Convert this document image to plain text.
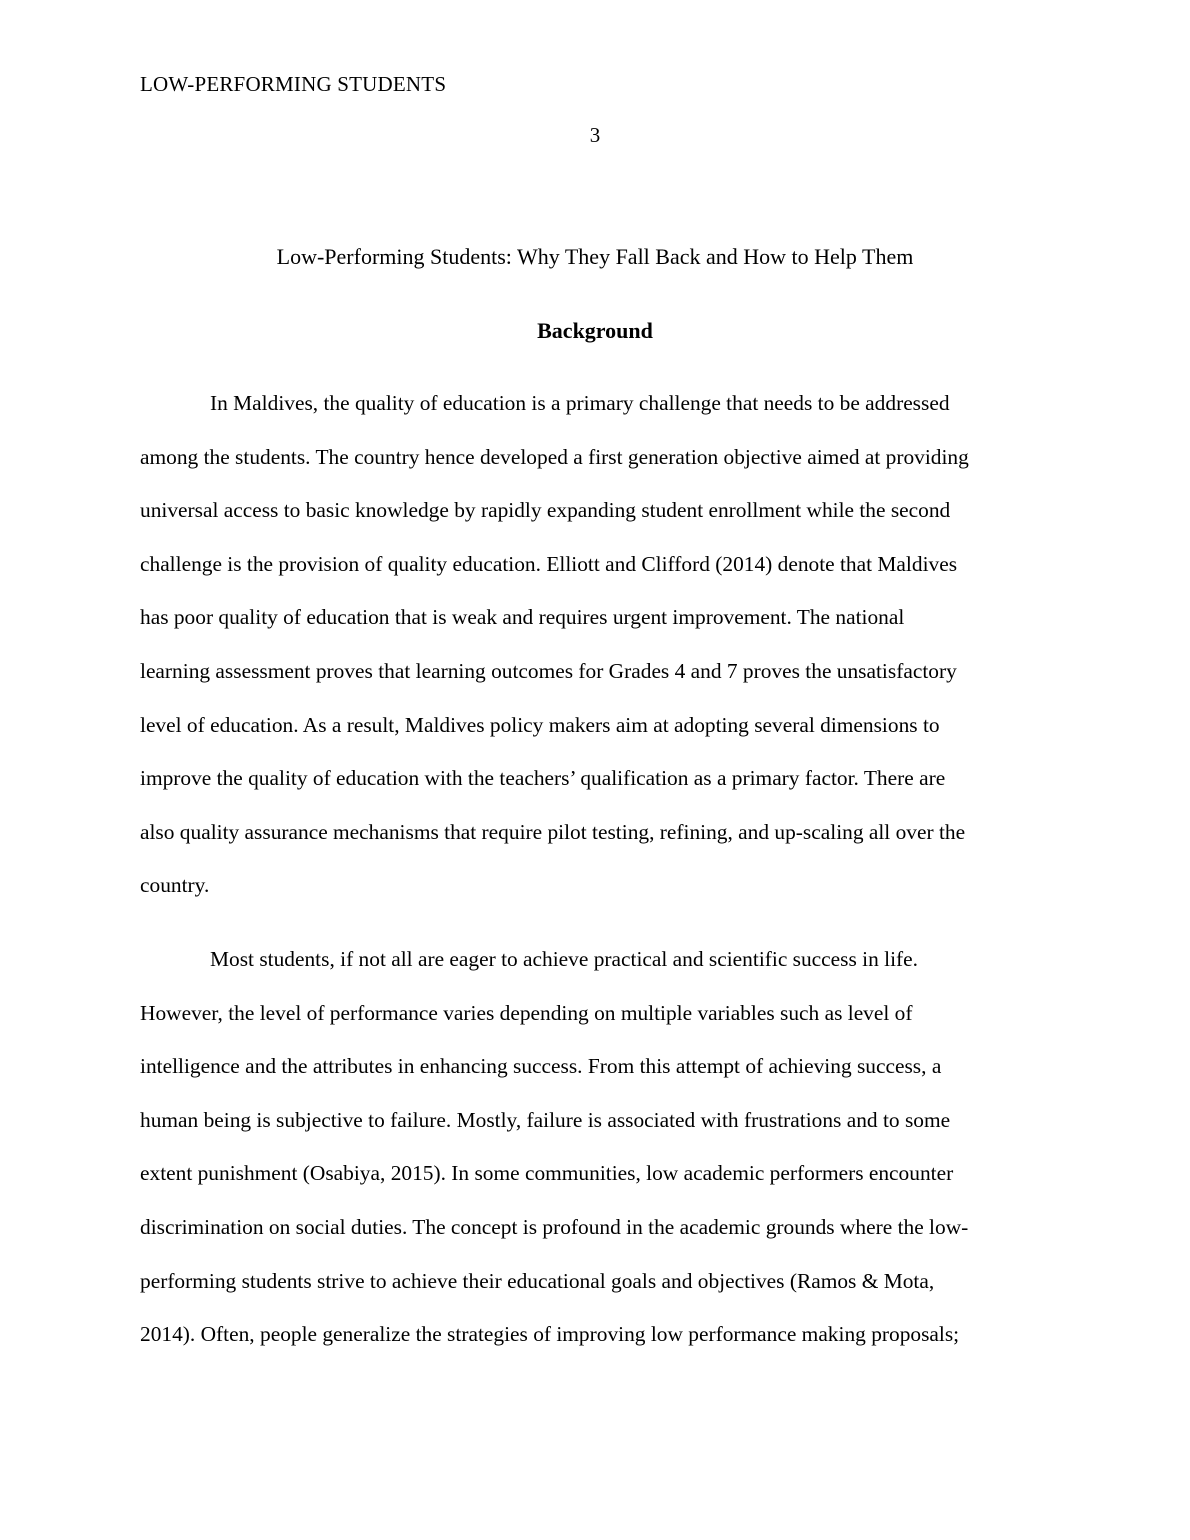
LOW-PERFORMING STUDENTS
3
Low-Performing Students: Why They Fall Back and How to Help Them
Background
In Maldives, the quality of education is a primary challenge that needs to be addressed
among the students. The country hence developed a first generation objective aimed at providing
universal access to basic knowledge by rapidly expanding student enrollment while the second
challenge is the provision of quality education. Elliott and Clifford (2014) denote that Maldives
has poor quality of education that is weak and requires urgent improvement. The national
learning assessment proves that learning outcomes for Grades 4 and 7 proves the unsatisfactory
level of education. As a result, Maldives policy makers aim at adopting several dimensions to
improve the quality of education with the teachers’ qualification as a primary factor. There are
also quality assurance mechanisms that require pilot testing, refining, and up-scaling all over the
country.
Most students, if not all are eager to achieve practical and scientific success in life.
However, the level of performance varies depending on multiple variables such as level of
intelligence and the attributes in enhancing success. From this attempt of achieving success, a
human being is subjective to failure. Mostly, failure is associated with frustrations and to some
extent punishment (Osabiya, 2015). In some communities, low academic performers encounter
discrimination on social duties. The concept is profound in the academic grounds where the low-
performing students strive to achieve their educational goals and objectives (Ramos & Mota,
2014). Often, people generalize the strategies of improving low performance making proposals;
